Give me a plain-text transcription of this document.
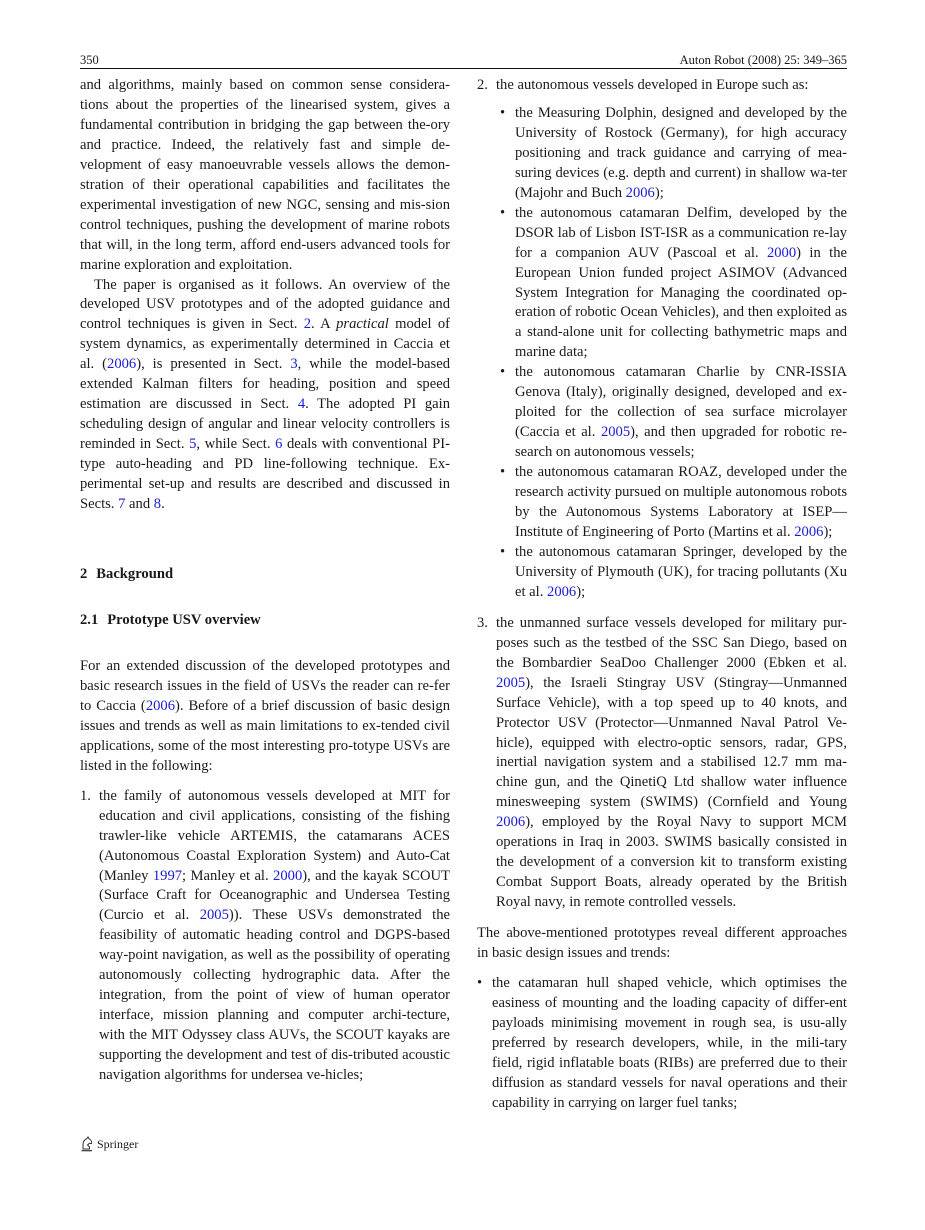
350	Auton Robot (2008) 25: 349–365

and algorithms, mainly based on common sense considera-tions about the properties of the linearised system, gives a fundamental contribution in bridging the gap between the-ory and practice. Indeed, the relatively fast and simple de-velopment of easy manoeuvrable vessels allows the demon-stration of their operational capabilities and facilitates the experimental investigation of new NGC, sensing and mis-sion control techniques, pushing the development of marine robots that will, in the long term, afford end-users advanced tools for marine exploration and exploitation.

The paper is organised as it follows. An overview of the developed USV prototypes and of the adopted guidance and control techniques is given in Sect. 2. A practical model of system dynamics, as experimentally determined in Caccia et al. (2006), is presented in Sect. 3, while the model-based extended Kalman filters for heading, position and speed estimation are discussed in Sect. 4. The adopted PI gain scheduling design of angular and linear velocity controllers is reminded in Sect. 5, while Sect. 6 deals with conventional PI-type auto-heading and PD line-following technique. Ex-perimental set-up and results are described and discussed in Sects. 7 and 8.

2 Background
2.1 Prototype USV overview

For an extended discussion of the developed prototypes and basic research issues in the field of USVs the reader can re-fer to Caccia (2006). Before of a brief discussion of basic design issues and trends as well as main limitations to ex-tended civil applications, some of the most interesting pro-totype USVs are listed in the following:

1. the family of autonomous vessels developed at MIT for education and civil applications, consisting of the fishing trawler-like vehicle ARTEMIS, the catamarans ACES (Autonomous Coastal Exploration System) and Auto-Cat (Manley 1997; Manley et al. 2000), and the kayak SCOUT (Surface Craft for Oceanographic and Undersea Testing (Curcio et al. 2005)). These USVs demonstrated the feasibility of automatic heading control and DGPS-based way-point navigation, as well as the possibility of operating autonomously collecting hydrographic data. After the integration, from the point of view of human operator interface, mission planning and computer archi-tecture, with the MIT Odyssey class AUVs, the SCOUT kayaks are supporting the development and test of dis-tributed acoustic navigation algorithms for undersea ve-hicles;
2. the autonomous vessels developed in Europe such as:
• the Measuring Dolphin, designed and developed by the University of Rostock (Germany), for high accuracy positioning and track guidance and carrying of mea-suring devices (e.g. depth and current) in shallow wa-ter (Majohr and Buch 2006);
• the autonomous catamaran Delfim, developed by the DSOR lab of Lisbon IST-ISR as a communication re-lay for a companion AUV (Pascoal et al. 2000) in the European Union funded project ASIMOV (Advanced System Integration for Managing the coordinated op-eration of robotic Ocean Vehicles), and then exploited as a stand-alone unit for collecting bathymetric maps and marine data;
• the autonomous catamaran Charlie by CNR-ISSIA Genova (Italy), originally designed, developed and ex-ploited for the collection of sea surface microlayer (Caccia et al. 2005), and then upgraded for robotic re-search on autonomous vessels;
• the autonomous catamaran ROAZ, developed under the research activity pursued on multiple autonomous robots by the Autonomous Systems Laboratory at ISEP—Institute of Engineering of Porto (Martins et al. 2006);
• the autonomous catamaran Springer, developed by the University of Plymouth (UK), for tracing pollutants (Xu et al. 2006);
3. the unmanned surface vessels developed for military pur-poses such as the testbed of the SSC San Diego, based on the Bombardier SeaDoo Challenger 2000 (Ebken et al. 2005), the Israeli Stingray USV (Stingray—Unmanned Surface Vehicle), with a top speed up to 40 knots, and Protector USV (Protector—Unmanned Naval Patrol Ve-hicle), equipped with electro-optic sensors, radar, GPS, inertial navigation system and a stabilised 12.7 mm ma-chine gun, and the QinetiQ Ltd shallow water influence minesweeping system (SWIMS) (Cornfield and Young 2006), employed by the Royal Navy to support MCM operations in Iraq in 2003. SWIMS basically consisted in the development of a conversion kit to transform existing Combat Support Boats, already operated by the British Royal navy, in remote controlled vessels.

The above-mentioned prototypes reveal different approaches in basic design issues and trends:

• the catamaran hull shaped vehicle, which optimises the easiness of mounting and the loading capacity of differ-ent payloads minimising movement in rough sea, is usu-ally preferred by research developers, while, in the mili-tary field, rigid inflatable boats (RIBs) are preferred due to their diffusion as standard vessels for naval operations and their capability in carrying on larger fuel tanks;
Springer
